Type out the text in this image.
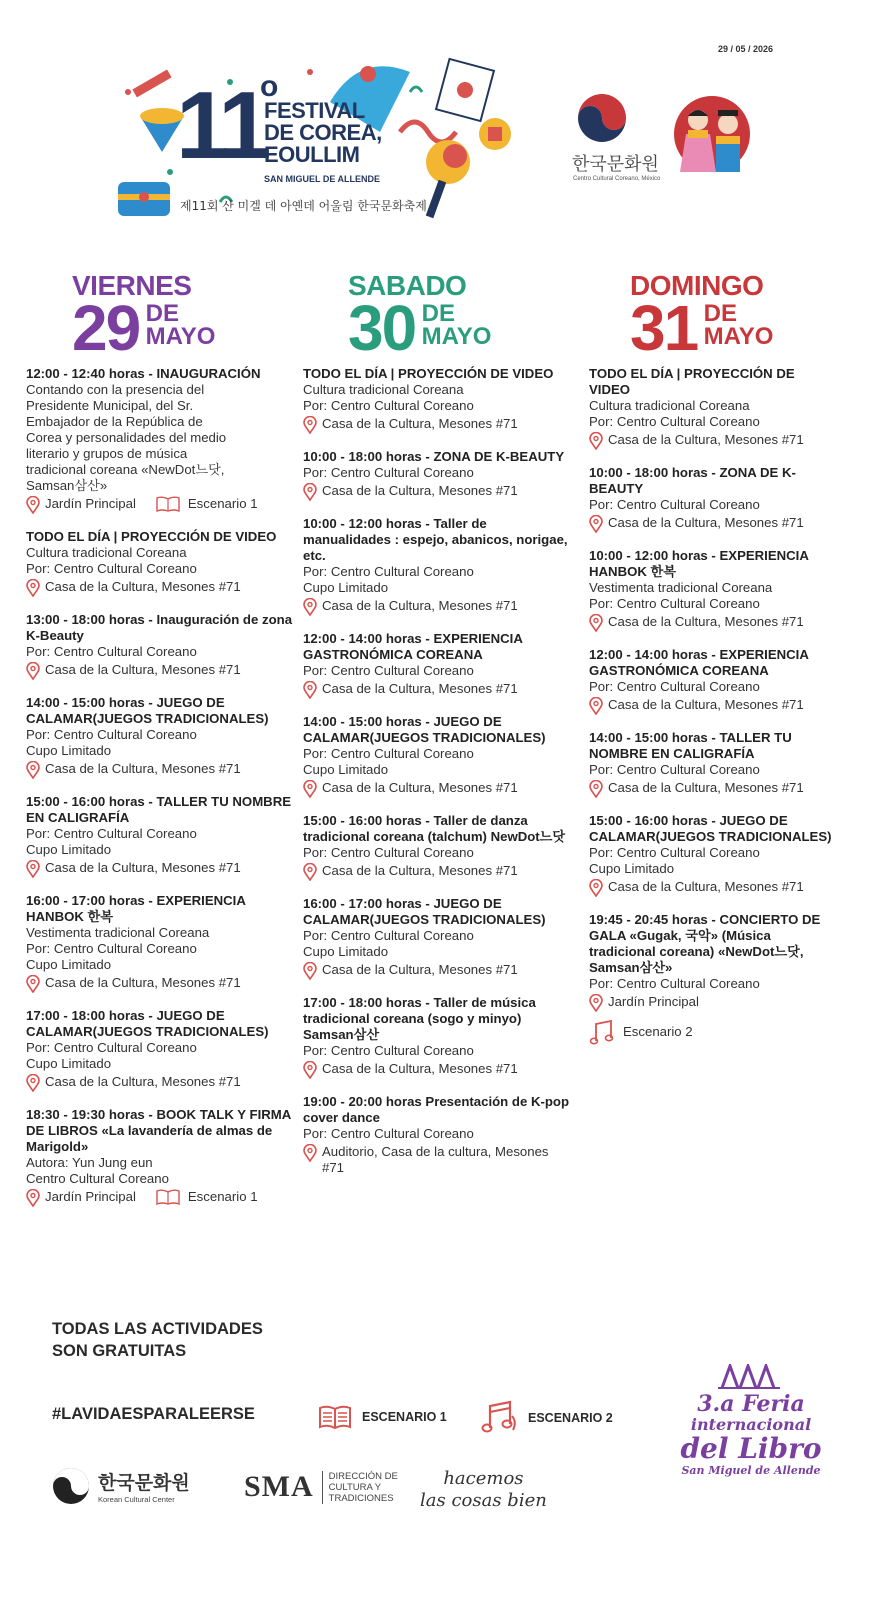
29 / 05 / 2026
11
o
FESTIVAL
DE COREA,
EOULLIM
SAN MIGUEL DE ALLENDE
제11회 산 미겔 데 아옌데 어울림 한국문화축제
한국문화원
Centro Cultural Coreano, México
VIERNES
29 DE
MAYO
SABADO
30 DE
MAYO
DOMINGO
31 DE
MAYO
12:00 - 12:40 horas - INAUGURACIÓN
Contando con la presencia del
Presidente Municipal, del Sr.
Embajador de la República de
Corea y personalidades del medio
literario y grupos de música
tradicional coreana «NewDot느닷,
Samsan삼산»
Jardín Principal	Escenario 1
TODO EL DÍA | PROYECCIÓN DE VIDEO
Cultura tradicional Coreana
Por: Centro Cultural Coreano
Casa de la Cultura, Mesones #71
13:00 - 18:00 horas - Inauguración de zona K-Beauty
Por: Centro Cultural Coreano
Casa de la Cultura, Mesones #71
14:00 - 15:00 horas - JUEGO DE CALAMAR(JUEGOS TRADICIONALES)
Por: Centro Cultural Coreano
Cupo Limitado
Casa de la Cultura, Mesones #71
15:00 - 16:00 horas - TALLER TU NOMBRE EN CALIGRAFÍA
Por: Centro Cultural Coreano
Cupo Limitado
Casa de la Cultura, Mesones #71
16:00 - 17:00 horas - EXPERIENCIA HANBOK 한복
Vestimenta tradicional Coreana
Por: Centro Cultural Coreano
Cupo Limitado
Casa de la Cultura, Mesones #71
17:00 - 18:00 horas - JUEGO DE CALAMAR(JUEGOS TRADICIONALES)
Por: Centro Cultural Coreano
Cupo Limitado
Casa de la Cultura, Mesones #71
18:30 - 19:30 horas - BOOK TALK Y FIRMA DE LIBROS «La lavandería de almas de Marigold»
Autora: Yun Jung eun
Centro Cultural Coreano
Jardín Principal	Escenario 1
TODO EL DÍA | PROYECCIÓN DE VIDEO
Cultura tradicional Coreana
Por: Centro Cultural Coreano
Casa de la Cultura, Mesones #71
10:00 - 18:00 horas - ZONA DE K-BEAUTY
Por: Centro Cultural Coreano
Casa de la Cultura, Mesones #71
10:00 - 12:00 horas - Taller de manualidades : espejo, abanicos, norigae, etc.
Por: Centro Cultural Coreano
Cupo Limitado
Casa de la Cultura, Mesones #71
12:00 - 14:00 horas - EXPERIENCIA GASTRONÓMICA COREANA
Por: Centro Cultural Coreano
Casa de la Cultura, Mesones #71
14:00 - 15:00 horas - JUEGO DE CALAMAR(JUEGOS TRADICIONALES)
Por: Centro Cultural Coreano
Cupo Limitado
Casa de la Cultura, Mesones #71
15:00 - 16:00 horas - Taller de danza tradicional coreana (talchum) NewDot느닷
Por: Centro Cultural Coreano
Casa de la Cultura, Mesones #71
16:00 - 17:00 horas - JUEGO DE CALAMAR(JUEGOS TRADICIONALES)
Por: Centro Cultural Coreano
Cupo Limitado
Casa de la Cultura, Mesones #71
17:00 - 18:00 horas - Taller de música tradicional coreana (sogo y minyo) Samsan삼산
Por: Centro Cultural Coreano
Casa de la Cultura, Mesones #71
19:00 - 20:00 horas Presentación de K-pop cover dance
Por: Centro Cultural Coreano
Auditorio, Casa de la cultura, Mesones #71
TODO EL DÍA | PROYECCIÓN DE VIDEO
Cultura tradicional Coreana
Por: Centro Cultural Coreano
Casa de la Cultura, Mesones #71
10:00 - 18:00 horas - ZONA DE K-BEAUTY
Por: Centro Cultural Coreano
Casa de la Cultura, Mesones #71
10:00 - 12:00 horas - EXPERIENCIA HANBOK 한복
Vestimenta tradicional Coreana
Por: Centro Cultural Coreano
Casa de la Cultura, Mesones #71
12:00 - 14:00 horas - EXPERIENCIA GASTRONÓMICA COREANA
Por: Centro Cultural Coreano
Casa de la Cultura, Mesones #71
14:00 - 15:00 horas - TALLER TU NOMBRE EN CALIGRAFÍA
Por: Centro Cultural Coreano
Casa de la Cultura, Mesones #71
15:00 - 16:00 horas - JUEGO DE CALAMAR(JUEGOS TRADICIONALES)
Por: Centro Cultural Coreano
Cupo Limitado
Casa de la Cultura, Mesones #71
19:45 - 20:45 horas - CONCIERTO DE GALA «Gugak, 국악» (Música tradicional coreana) «NewDot느닷, Samsan삼산»
Por: Centro Cultural Coreano
Jardín Principal
Escenario 2
TODAS LAS ACTIVIDADES
SON GRATUITAS
#LAVIDAESPARALEERSE	ESCENARIO 1	ESCENARIO 2
한국문화원
Korean Cultural Center	SMA DIRECCIÓN DE
CULTURA Y
TRADICIONES
hacemos
las cosas bien
3.a Feria
internacional
del Libro
San Miguel de Allende
